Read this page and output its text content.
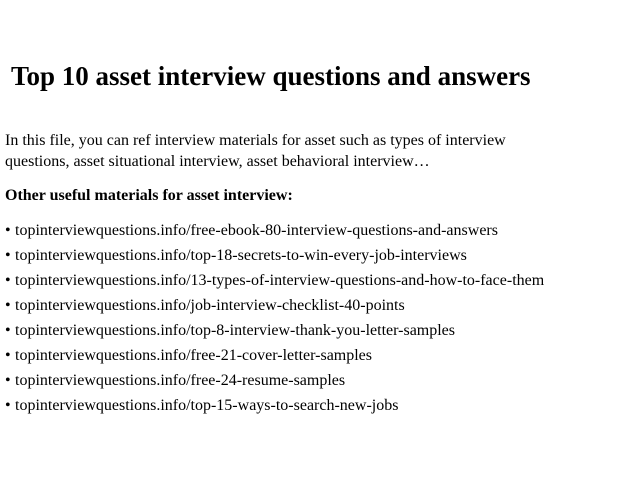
Top 10 asset interview questions and answers

In this file, you can ref interview materials for asset such as types of interview
questions, asset situational interview, asset behavioral interview…

Other useful materials for asset interview:
• topinterviewquestions.info/free-ebook-80-interview-questions-and-answers
• topinterviewquestions.info/top-18-secrets-to-win-every-job-interviews
• topinterviewquestions.info/13-types-of-interview-questions-and-how-to-face-them
• topinterviewquestions.info/job-interview-checklist-40-points
• topinterviewquestions.info/top-8-interview-thank-you-letter-samples
• topinterviewquestions.info/free-21-cover-letter-samples
• topinterviewquestions.info/free-24-resume-samples
• topinterviewquestions.info/top-15-ways-to-search-new-jobs
